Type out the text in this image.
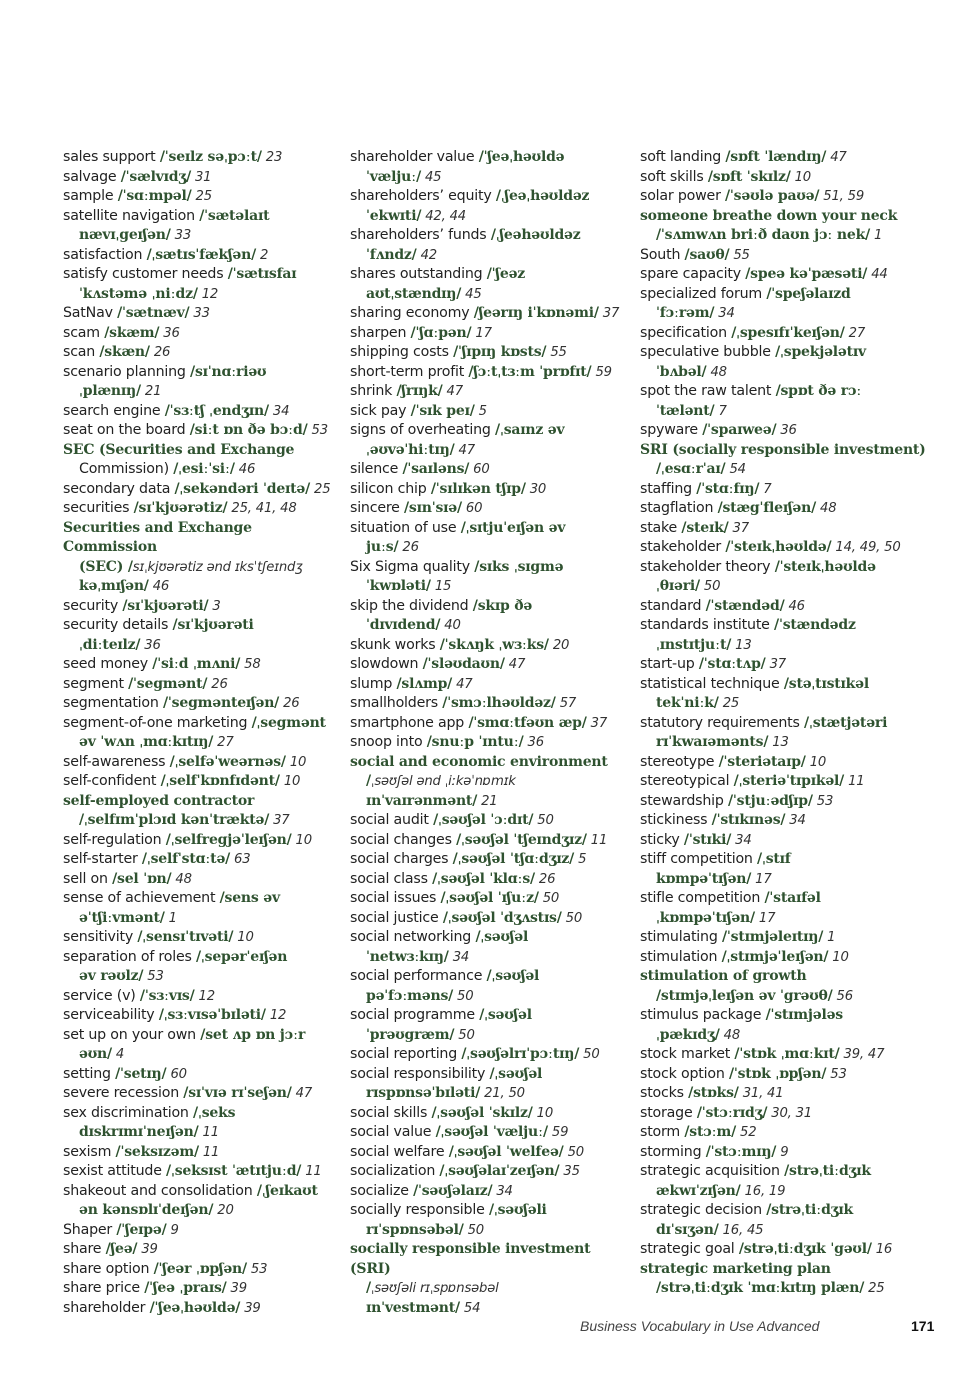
sales support /ˈseɪlz səˌpɔːt/ 23
salvage /ˈsælvɪdʒ/ 31
sample /ˈsɑːmpəl/ 25
satellite navigation /ˈsætəlaɪt
nævɪˌgeɪʃən/ 33
satisfaction /ˌsætɪsˈfækʃən/ 2
satisfy customer needs /ˈsætɪsfaɪ
ˈkʌstəmə ˌniːdz/ 12
SatNav /ˈsætnæv/ 33
scam /skæm/ 36
scan /skæn/ 26
scenario planning /sɪˈnɑːriəʊ
ˌplænɪŋ/ 21
search engine /ˈsɜːtʃ ˌendʒɪn/ 34
seat on the board /siːt ɒn ðə bɔːd/ 53
SEC (Securities and Exchange
Commission) /ˌesiːˈsiː/ 46
secondary data /ˌsekəndəri ˈdeɪtə/ 25
securities /sɪˈkjʊərətiz/ 25, 41, 48
Securities and Exchange Commission
(SEC) /sɪˌkjʊərətiz ənd ɪksˈtʃeɪndʒ
kəˌmɪʃən/ 46
security /sɪˈkjʊərəti/ 3
security details /sɪˈkjʊərəti
ˌdiːteɪlz/ 36
seed money /ˈsiːd ˌmʌni/ 58
segment /ˈsegmənt/ 26
segmentation /ˈsegmənteɪʃən/ 26
segment-of-one marketing /ˌsegmənt
əv ˈwʌn ˌmɑːkɪtɪŋ/ 27
self-awareness /ˌselfəˈweərnəs/ 10
self-confident /ˌselfˈkɒnfɪdənt/ 10
self-employed contractor
/ˌselfɪmˈplɔɪd kənˈtræktə/ 37
self-regulation /ˌselfregjəˈleɪʃən/ 10
self-starter /ˌselfˈstɑːtə/ 63
sell on /sel ˈɒn/ 48
sense of achievement /sens əv
əˈtʃiːvmənt/ 1
sensitivity /ˌsensɪˈtɪvəti/ 10
separation of roles /ˌsepərˈeɪʃən
əv rəʊlz/ 53
service (v) /ˈsɜːvɪs/ 12
serviceability /ˌsɜːvɪsəˈbɪləti/ 12
set up on your own /set ʌp ɒn jɔːr
əʊn/ 4
setting /ˈsetɪŋ/ 60
severe recession /sɪˈvɪə rɪˈseʃən/ 47
sex discrimination /ˌseks
dɪskrɪmɪˈneɪʃən/ 11
sexism /ˈseksɪzəm/ 11
sexist attitude /ˌseksɪst ˈætɪtjuːd/ 11
shakeout and consolidation /ˌʃeɪkaʊt
ən kənsɒlɪˈdeɪʃən/ 20
Shaper /ˈʃeɪpə/ 9
share /ʃeə/ 39
share option /ˈʃeər ˌɒpʃən/ 53
share price /ˈʃeə ˌpraɪs/ 39
shareholder /ˈʃeəˌhəʊldə/ 39
shareholder value /ˈʃeəˌhəʊldə
ˈvæljuː/ 45
shareholders’ equity /ˌʃeəˌhəʊldəz
ˈekwɪti/ 42, 44
shareholders’ funds /ˌʃeəhəʊldəz
ˈfʌndz/ 42
shares outstanding /ˈʃeəz
aʊtˌstændɪŋ/ 45
sharing economy /ʃeərɪŋ iˈkɒnəmi/ 37
sharpen /ˈʃɑːpən/ 17
shipping costs /ˈʃɪpɪŋ kɒsts/ 55
short-term profit /ʃɔːtˌtɜːm ˈprɒfɪt/ 59
shrink /ʃrɪŋk/ 47
sick pay /ˈsɪk peɪ/ 5
signs of overheating /ˌsaɪnz əv
ˌəʊvəˈhiːtɪŋ/ 47
silence /ˈsaɪləns/ 60
silicon chip /ˈsɪlɪkən tʃɪp/ 30
sincere /sɪnˈsɪə/ 60
situation of use /ˌsɪtjuˈeɪʃən əv
juːs/ 26
Six Sigma quality /sɪks ˌsɪgmə
ˈkwɒləti/ 15
skip the dividend /skɪp ðə
ˈdɪvɪdend/ 40
skunk works /ˈskʌŋk ˌwɜːks/ 20
slowdown /ˈsləʊdaʊn/ 47
slump /slʌmp/ 47
smallholders /ˈsmɔːlhəʊldəz/ 57
smartphone app /ˈsmɑːtfəʊn æp/ 37
snoop into /snuːp ˈɪntuː/ 36
social and economic environment
/ˌsəʊʃəl ənd ˌiːkəˈnɒmɪk
ɪnˈvaɪrənmənt/ 21
social audit /ˌsəʊʃəl ˈɔːdɪt/ 50
social changes /ˌsəʊʃəl ˈtʃeɪndʒɪz/ 11
social charges /ˌsəʊʃəl ˈtʃɑːdʒɪz/ 5
social class /ˌsəʊʃəl ˈklɑːs/ 26
social issues /ˌsəʊʃəl ˈɪʃuːz/ 50
social justice /ˌsəʊʃəl ˈdʒʌstɪs/ 50
social networking /ˌsəʊʃəl
ˈnetwɜːkɪŋ/ 34
social performance /ˌsəʊʃəl
pəˈfɔːməns/ 50
social programme /ˌsəʊʃəl
ˈprəʊgræm/ 50
social reporting /ˌsəʊʃəlrɪˈpɔːtɪŋ/ 50
social responsibility /ˌsəʊʃəl
rɪspɒnsəˈbɪləti/ 21, 50
social skills /ˌsəʊʃəl ˈskɪlz/ 10
social value /ˌsəʊʃəl ˈvæljuː/ 59
social welfare /ˌsəʊʃəl ˈwelfeə/ 50
socialization /ˌsəʊʃəlaɪˈzeɪʃən/ 35
socialize /ˈsəʊʃəlaɪz/ 34
socially responsible /ˌsəʊʃəli
rɪˈspɒnsəbəl/ 50
socially responsible investment (SRI)
/ˌsəʊʃəli rɪˌspɒnsəbəl
ɪnˈvestmənt/ 54
soft landing /sɒft ˈlændɪŋ/ 47
soft skills /sɒft ˈskɪlz/ 10
solar power /ˈsəʊlə paʊə/ 51, 59
someone breathe down your neck
/ˈsʌmwʌn briːð daʊn jɔː nek/ 1
South /saʊθ/ 55
spare capacity /speə kəˈpæsəti/ 44
specialized forum /ˈspeʃəlaɪzd
ˈfɔːrəm/ 34
specification /ˌspesɪfɪˈkeɪʃən/ 27
speculative bubble /ˌspekjələtɪv
ˈbʌbəl/ 48
spot the raw talent /spɒt ðə rɔː
ˈtælənt/ 7
spyware /ˈspaɪweə/ 36
SRI (socially responsible investment)
/ˌesɑːrˈaɪ/ 54
staffing /ˈstɑːfɪŋ/ 7
stagflation /stægˈfleɪʃən/ 48
stake /steɪk/ 37
stakeholder /ˈsteɪkˌhəʊldə/ 14, 49, 50
stakeholder theory /ˈsteɪkˌhəʊldə
ˌθɪəri/ 50
standard /ˈstændəd/ 46
standards institute /ˈstændədz
ˌɪnstɪtjuːt/ 13
start-up /ˈstɑːtʌp/ 37
statistical technique /stəˌtɪstɪkəl
tekˈniːk/ 25
statutory requirements /ˌstætjətəri
rɪˈkwaɪəmənts/ 13
stereotype /ˈsteriətaɪp/ 10
stereotypical /ˌsteriəˈtɪpɪkəl/ 11
stewardship /ˈstjuːədʃɪp/ 53
stickiness /ˈstɪkɪnəs/ 34
sticky /ˈstɪki/ 34
stiff competition /ˌstɪf
kɒmpəˈtɪʃən/ 17
stifle competition /ˈstaɪfəl
ˌkɒmpəˈtɪʃən/ 17
stimulating /ˈstɪmjəleɪtɪŋ/ 1
stimulation /ˌstɪmjəˈleɪʃən/ 10
stimulation of growth
/stɪmjəˌleɪʃən əv ˈgrəʊθ/ 56
stimulus package /ˈstɪmjələs
ˌpækɪdʒ/ 48
stock market /ˈstɒk ˌmɑːkɪt/ 39, 47
stock option /ˈstɒk ˌɒpʃən/ 53
stocks /stɒks/ 31, 41
storage /ˈstɔːrɪdʒ/ 30, 31
storm /stɔːm/ 52
storming /ˈstɔːmɪŋ/ 9
strategic acquisition /strəˌtiːdʒɪk
ækwɪˈzɪʃən/ 16, 19
strategic decision /strəˌtiːdʒɪk
dɪˈsɪʒən/ 16, 45
strategic goal /strəˌtiːdʒɪk ˈgəʊl/ 16
strategic marketing plan
/strəˌtiːdʒɪk ˈmɑːkɪtɪŋ plæn/ 25
Business Vocabulary in Use Advanced	171
